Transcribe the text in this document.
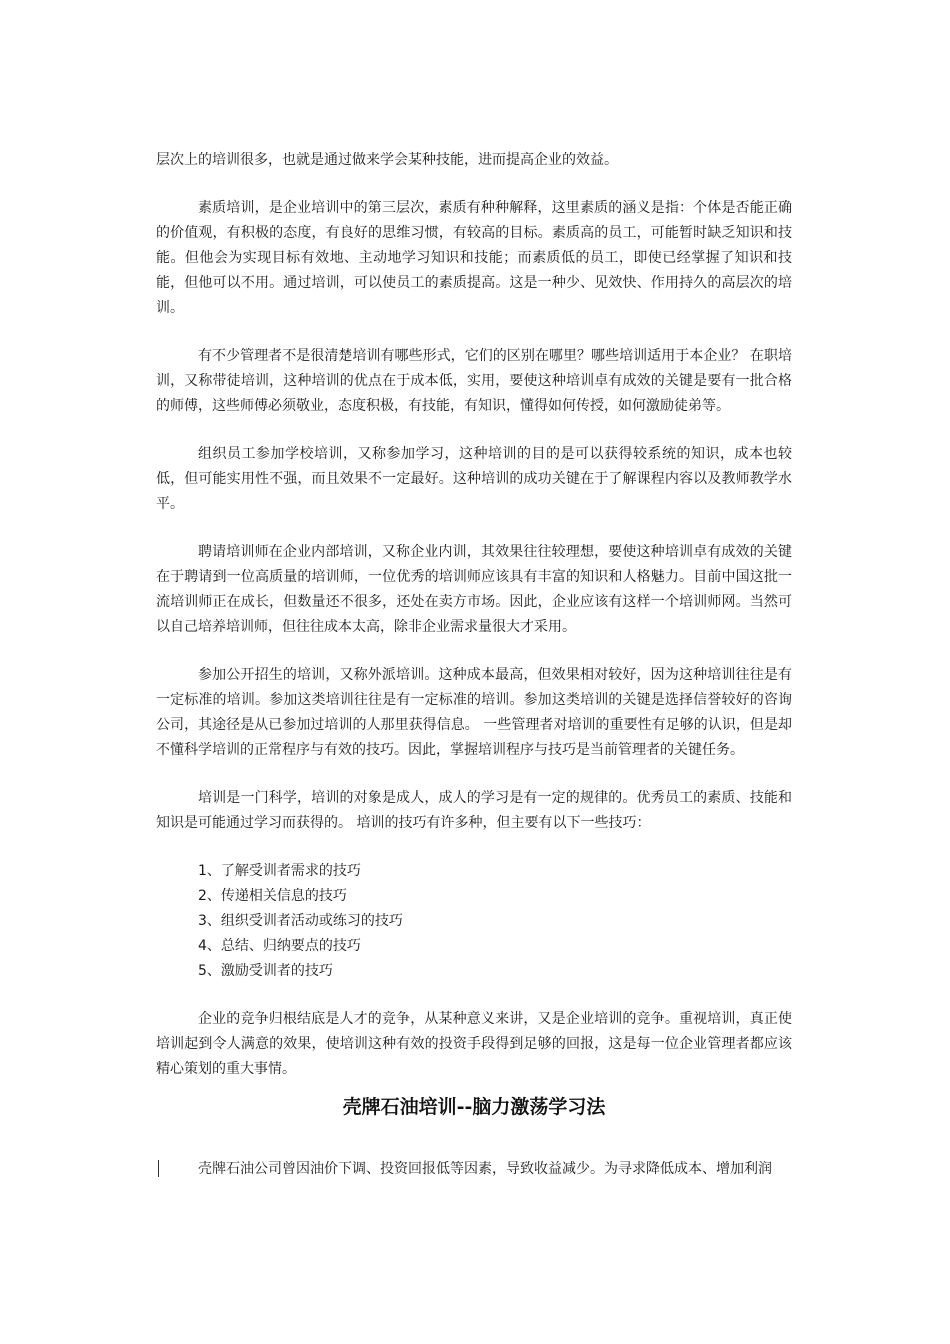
层次上的培训很多，也就是通过做来学会某种技能，进而提高企业的效益。

素质培训，是企业培训中的第三层次，素质有种种解释，这里素质的涵义是指：个体是否能正确的价值观，有积极的态度，有良好的思维习惯，有较高的目标。素质高的员工，可能暂时缺乏知识和技能。但他会为实现目标有效地、主动地学习知识和技能；而素质低的员工，即使已经掌握了知识和技能，但他可以不用。通过培训，可以使员工的素质提高。这是一种少、见效快、作用持久的高层次的培训。

有不少管理者不是很清楚培训有哪些形式，它们的区别在哪里？哪些培训适用于本企业？ 在职培训，又称带徒培训，这种培训的优点在于成本低，实用，要使这种培训卓有成效的关键是要有一批合格的师傅，这些师傅必须敬业，态度积极，有技能，有知识，懂得如何传授，如何激励徒弟等。

组织员工参加学校培训，又称参加学习，这种培训的目的是可以获得较系统的知识，成本也较低，但可能实用性不强，而且效果不一定最好。这种培训的成功关键在于了解课程内容以及教师教学水平。

聘请培训师在企业内部培训，又称企业内训，其效果往往较理想，要使这种培训卓有成效的关键在于聘请到一位高质量的培训师，一位优秀的培训师应该具有丰富的知识和人格魅力。目前中国这批一流培训师正在成长，但数量还不很多，还处在卖方市场。因此，企业应该有这样一个培训师网。当然可以自己培养培训师，但往往成本太高，除非企业需求量很大才采用。

参加公开招生的培训，又称外派培训。这种成本最高，但效果相对较好，因为这种培训往往是有一定标准的培训。参加这类培训往往是有一定标准的培训。参加这类培训的关键是选择信誉较好的咨询公司，其途径是从已参加过培训的人那里获得信息。 一些管理者对培训的重要性有足够的认识，但是却不懂科学培训的正常程序与有效的技巧。因此，掌握培训程序与技巧是当前管理者的关键任务。

培训是一门科学，培训的对象是成人，成人的学习是有一定的规律的。优秀员工的素质、技能和知识是可能通过学习而获得的。 培训的技巧有许多种，但主要有以下一些技巧：

1、了解受训者需求的技巧
2、传递相关信息的技巧
3、组织受训者活动或练习的技巧
4、总结、归纳要点的技巧
5、激励受训者的技巧

企业的竞争归根结底是人才的竞争，从某种意义来讲，又是企业培训的竞争。重视培训，真正使培训起到令人满意的效果，使培训这种有效的投资手段得到足够的回报，这是每一位企业管理者都应该精心策划的重大事情。

壳牌石油培训--脑力激荡学习法

壳牌石油公司曾因油价下调、投资回报低等因素，导致收益减少。为寻求降低成本、增加利润
